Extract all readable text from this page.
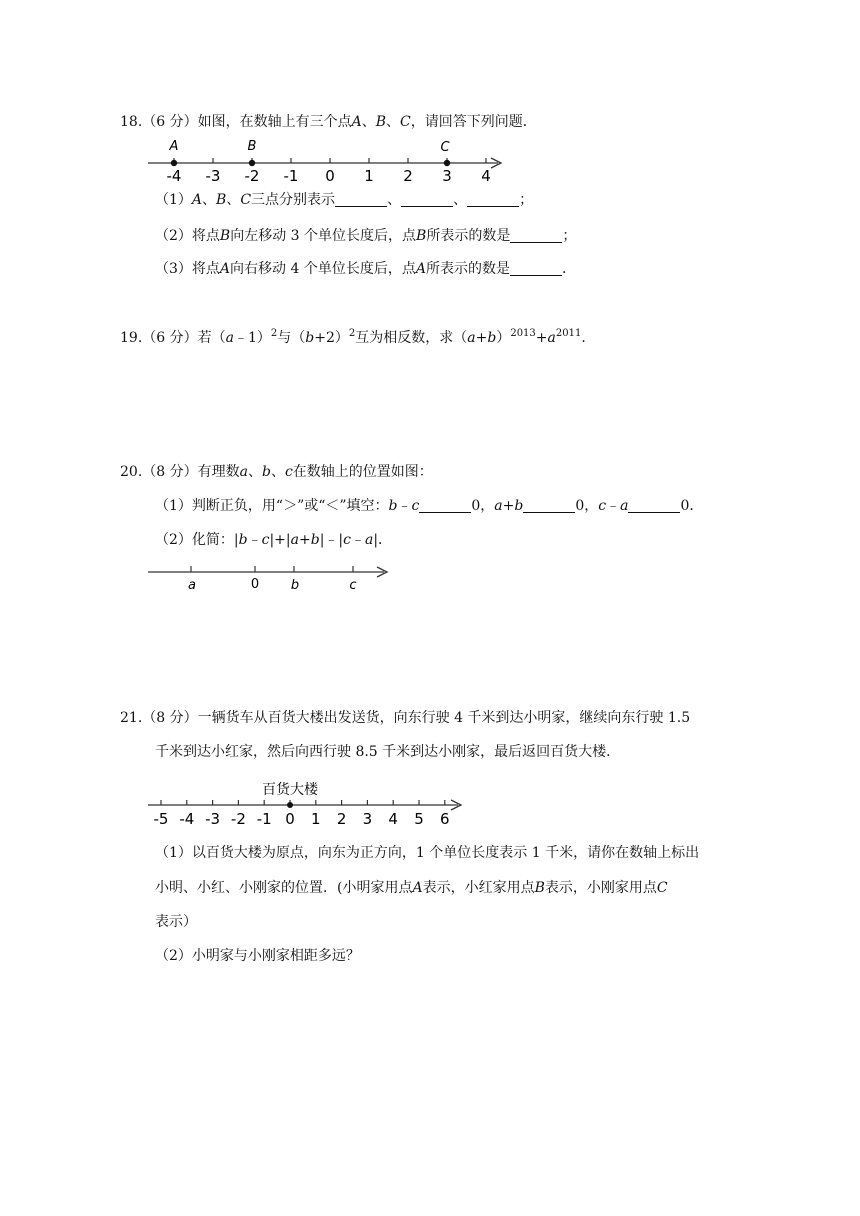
18.（6 分）如图，在数轴上有三个点A、B、C，请回答下列问题．
-4 -3 -2 -1 0 1 2 3 4
A	B	C
（1）A、B、C三点分别表示	、	、	；
（2）将点B向左移动 3 个单位长度后，点B所表示的数是	；
（3）将点A向右移动 4 个单位长度后，点A所表示的数是	．
19.（6 分）若（a﹣1）$^2$与$(b+2)^2$互为相反数，求$(a+b)^{2013}+a^{2011}$．
20.（8 分）有理数a、b、c在数轴上的位置如图：
（1）判断正负，用“＞”或“＜”填空：b﹣c	0，a+b	0，c﹣a	0．
（2）化简：|b﹣c|+|a+b|﹣|c﹣a|．
a	0 b	c
21.（8 分）一辆货车从百货大楼出发送货，向东行驶 4 千米到达小明家，继续向东行驶 1.5
千米到达小红家，然后向西行驶 8.5 千米到达小刚家，最后返回百货大楼．
百货大楼
-5 -4 -3 -2 -1 0 1 2 3 4 5 6
（1）以百货大楼为原点，向东为正方向，1 个单位长度表示 1 千米，请你在数轴上标出
小明、小红、小刚家的位置．(小明家用点A表示，小红家用点B表示，小刚家用点C
表示）
（2）小明家与小刚家相距多远？
